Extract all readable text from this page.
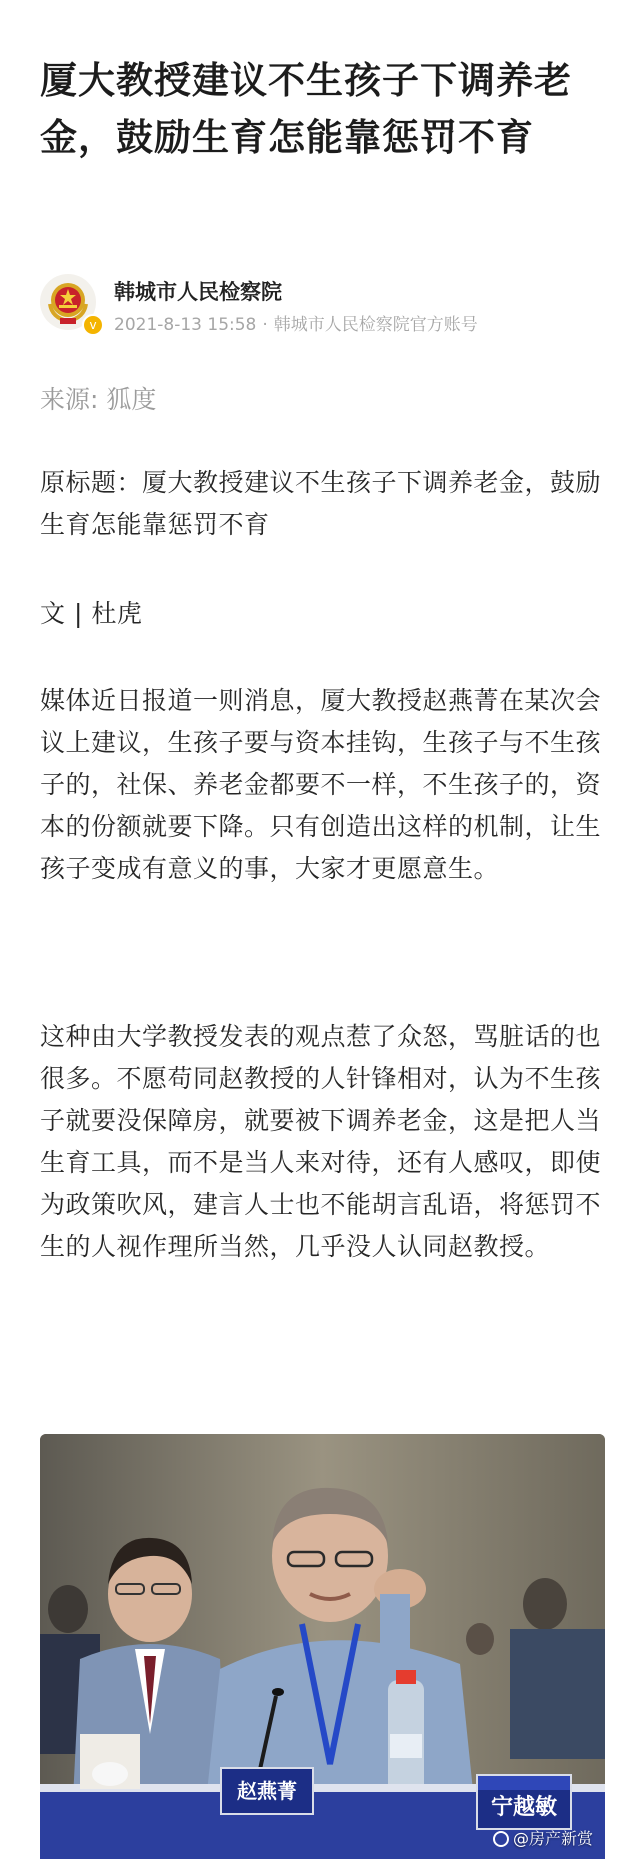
厦大教授建议不生孩子下调养老金，鼓励生育怎能靠惩罚不育
v
韩城市人民检察院
2021-8-13 15:58 · 韩城市人民检察院官方账号
来源: 狐度

原标题：厦大教授建议不生孩子下调养老金，鼓励生育怎能靠惩罚不育

文 | 杜虎

媒体近日报道一则消息，厦大教授赵燕菁在某次会议上建议，生孩子要与资本挂钩，生孩子与不生孩子的，社保、养老金都要不一样，不生孩子的，资本的份额就要下降。只有创造出这样的机制，让生孩子变成有意义的事，大家才更愿意生。

这种由大学教授发表的观点惹了众怒，骂脏话的也很多。不愿苟同赵教授的人针锋相对，认为不生孩子就要没保障房，就要被下调养老金，这是把人当生育工具，而不是当人来对待，还有人感叹，即使为政策吹风，建言人士也不能胡言乱语，将惩罚不生的人视作理所当然，几乎没人认同赵教授。

赵燕菁
宁越敏
@房产新赏
